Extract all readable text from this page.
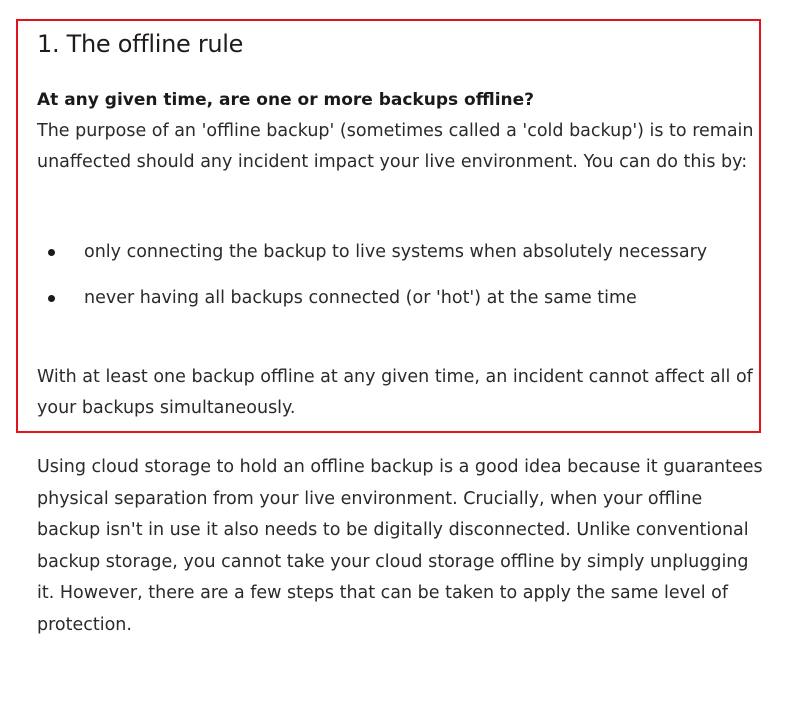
1. The offline rule

At any given time, are one or more backups offline?

The purpose of an 'offline backup' (sometimes called a 'cold backup') is to remain unaffected should any incident impact your live environment. You can do this by:

only connecting the backup to live systems when absolutely necessary
never having all backups connected (or 'hot') at the same time

With at least one backup offline at any given time, an incident cannot affect all of your backups simultaneously.

Using cloud storage to hold an offline backup is a good idea because it guarantees physical separation from your live environment. Crucially, when your offline backup isn't in use it also needs to be digitally disconnected. Unlike conventional backup storage, you cannot take your cloud storage offline by simply unplugging it. However, there are a few steps that can be taken to apply the same level of protection.
